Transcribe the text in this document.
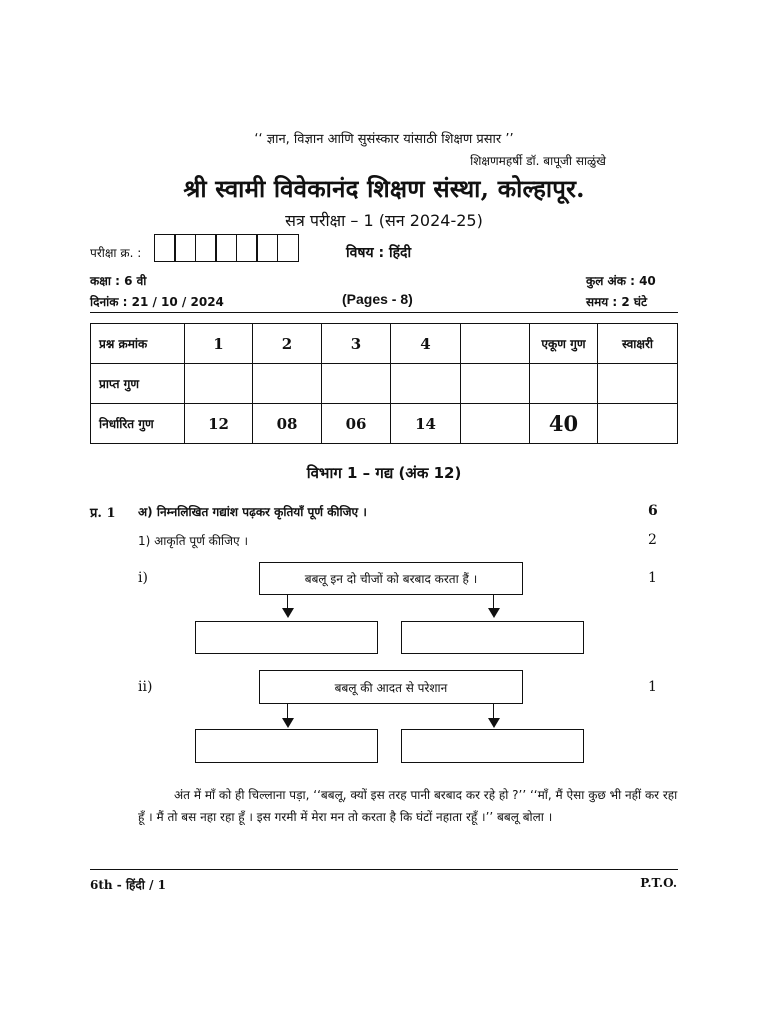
‘‘ ज्ञान, विज्ञान आणि सुसंस्कार यांसाठी शिक्षण प्रसार ’’
शिक्षणमहर्षी डॉ. बापूजी साळुंखे
श्री स्वामी विवेकानंद शिक्षण संस्था, कोल्हापूर.
सत्र परीक्षा – 1 (सन 2024-25)
परीक्षा क्र. :	विषय : हिंदी
कक्षा : 6 वी	कुल अंक : 40
दिनांक : 21 / 10 / 2024	(Pages - 8)	समय : 2 घंटे
प्रश्न क्रमांक	1	2	3	4		एकूण गुण	स्वाक्षरी
प्राप्त गुण							
निर्धारित गुण	12	08	06	14		40	
विभाग 1 – गद्य (अंक 12)
प्र. 1 अ) निम्नलिखित गद्यांश पढ़कर कृतियाँ पूर्ण कीजिए ।	6
1) आकृति पूर्ण कीजिए ।	2
i)	1
बबलू इन दो चीजों को बरबाद करता हैं ।
ii)	1
बबलू की आदत से परेशान
अंत में माँ को ही चिल्लाना पड़ा, ‘‘बबलू, क्यों इस तरह पानी बरबाद कर रहे हो ?’’ ‘‘माँ, मैं ऐसा कुछ भी नहीं कर रहा हूँ । मैं तो बस नहा रहा हूँ । इस गरमी में मेरा मन तो करता है कि घंटों नहाता रहूँ ।’’ बबलू बोला ।
6th - हिंदी / 1	P.T.O.
